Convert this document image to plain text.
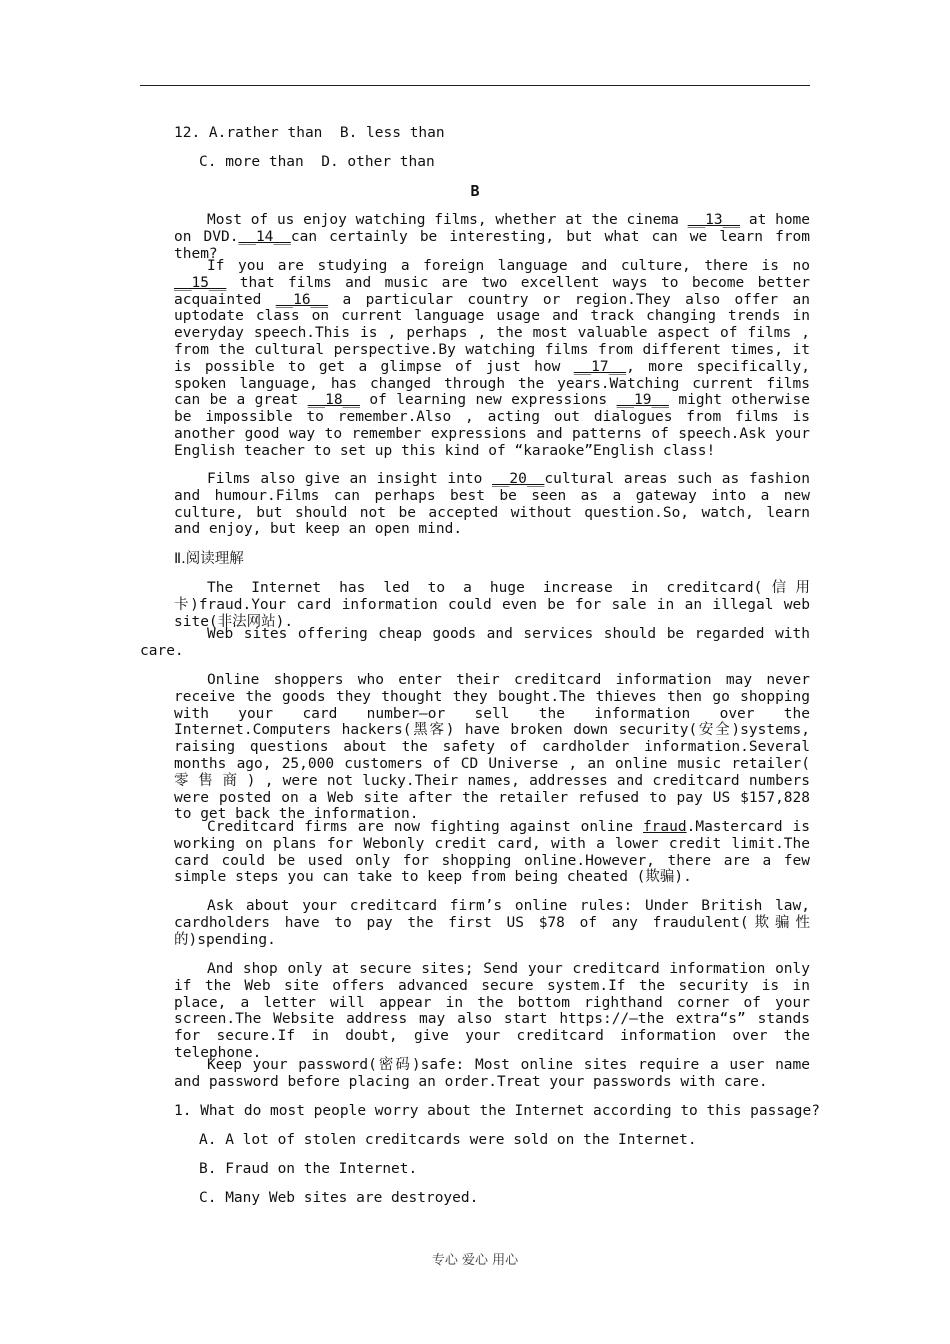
12. A.rather than  B. less than
C. more than  D. other than
B
Most of us enjoy watching films, whether at the cinema __13__ at home on DVD.__14__can certainly be interesting, but what can we learn from them?
If you are studying a foreign language and culture, there is no __15__ that films and music are two excellent ways to become better acquainted __16__ a particular country or region.They also offer an uptodate class on current language usage and track changing trends in everyday speech.This is , perhaps , the most valuable aspect of films , from the cultural perspective.By watching films from different times, it is possible to get a glimpse of just how __17__, more specifically, spoken language, has changed through the years.Watching current films can be a great __18__ of learning new expressions __19__ might otherwise be impossible to remember.Also , acting out dialogues from films is another good way to remember expressions and patterns of speech.Ask your English teacher to set up this kind of “karaoke”English class!
Films also give an insight into __20__cultural areas such as fashion and humour.Films can perhaps best be seen as a gateway into a new culture, but should not be accepted without question.So, watch, learn and enjoy, but keep an open mind.
Ⅱ.阅读理解
The Internet has led to a huge increase in creditcard(信用卡)fraud.Your card information could even be for sale in an illegal web site(非法网站).
Web sites offering cheap goods and services should be regarded with care.
Online shoppers who enter their creditcard information may never receive the goods they thought they bought.The thieves then go shopping with your card number—or sell the information over the Internet.Computers hackers(黑客) have broken down security(安全)systems, raising questions about the safety of cardholder information.Several months ago, 25,000 customers of CD Universe , an online music retailer( 零 售 商 ) , were not lucky.Their names, addresses and creditcard numbers were posted on a Web site after the retailer refused to pay US $157,828 to get back the information.
Creditcard firms are now fighting against online fraud.Mastercard is working on plans for Webonly credit card, with a lower credit limit.The card could be used only for shopping online.However, there are a few simple steps you can take to keep from being cheated (欺骗).
Ask about your creditcard firm’s online rules: Under British law, cardholders have to pay the first US $78 of any fraudulent(欺骗性的)spending.
And shop only at secure sites; Send your creditcard information only if the Web site offers advanced secure system.If the security is in place, a letter will appear in the bottom righthand corner of your screen.The Website address may also start https://—the extra“s” stands for secure.If in doubt, give your creditcard information over the telephone.
Keep your password(密码)safe: Most online sites require a user name and password before placing an order.Treat your passwords with care.
1. What do most people worry about the Internet according to this passage?
A. A lot of stolen creditcards were sold on the Internet.
B. Fraud on the Internet.
C. Many Web sites are destroyed.
专心 爱心 用心
